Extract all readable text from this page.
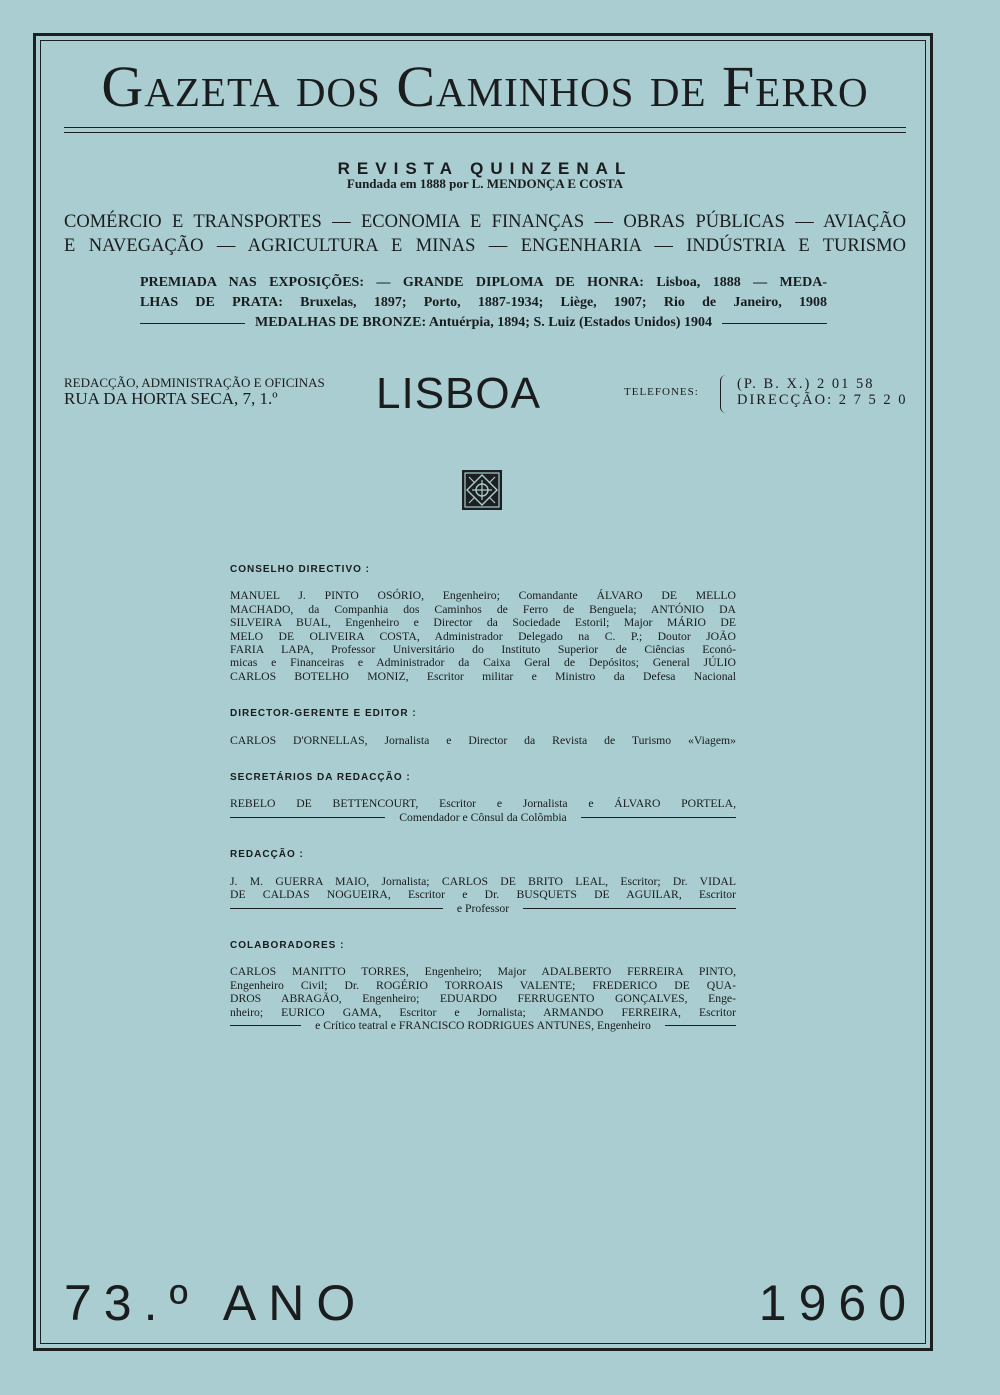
Gazeta dos Caminhos de Ferro
REVISTA QUINZENAL
Fundada em 1888 por L. MENDONÇA E COSTA
COMÉRCIO E TRANSPORTES — ECONOMIA E FINANÇAS — OBRAS PÚBLICAS — AVIAÇÃO
E NAVEGAÇÃO — AGRICULTURA E MINAS — ENGENHARIA — INDÚSTRIA E TURISMO
PREMIADA NAS EXPOSIÇÕES: — GRANDE DIPLOMA DE HONRA: Lisboa, 1888 — MEDA-
LHAS DE PRATA: Bruxelas, 1897; Porto, 1887-1934; Liège, 1907; Rio de Janeiro, 1908
MEDALHAS DE BRONZE: Antuérpia, 1894; S. Luiz (Estados Unidos) 1904
REDACÇÃO, ADMINISTRAÇÃO E OFICINAS
RUA DA HORTA SECA, 7, 1.º	LISBOA	TELEFONES:	(P. B. X.) 2 01 58
DIRECÇÃO: 2 7 5 2 0
CONSELHO DIRECTIVO :
MANUEL J. PINTO OSÓRIO, Engenheiro; Comandante ÁLVARO DE MELLO
MACHADO, da Companhia dos Caminhos de Ferro de Benguela; ANTÓNIO DA
SILVEIRA BUAL, Engenheiro e Director da Sociedade Estoril; Major MÁRIO DE
MELO DE OLIVEIRA COSTA, Administrador Delegado na C. P.; Doutor JOÃO
FARIA LAPA, Professor Universitário do Instituto Superior de Ciências Econó-
micas e Financeiras e Administrador da Caixa Geral de Depósitos; General JÚLIO
CARLOS BOTELHO MONIZ, Escritor militar e Ministro da Defesa Nacional
DIRECTOR-GERENTE E EDITOR :
CARLOS D'ORNELLAS, Jornalista e Director da Revista de Turismo «Viagem»
SECRETÁRIOS DA REDACÇÃO :
REBELO DE BETTENCOURT, Escritor e Jornalista e ÁLVARO PORTELA,
Comendador e Cônsul da Colômbia
REDACÇÃO :
J. M. GUERRA MAIO, Jornalista; CARLOS DE BRITO LEAL, Escritor; Dr. VIDAL
DE CALDAS NOGUEIRA, Escritor e Dr. BUSQUETS DE AGUILAR, Escritor
e Professor
COLABORADORES :
CARLOS MANITTO TORRES, Engenheiro; Major ADALBERTO FERREIRA PINTO,
Engenheiro Civil; Dr. ROGÉRIO TORROAIS VALENTE; FREDERICO DE QUA-
DROS ABRAGÃO, Engenheiro; EDUARDO FERRUGENTO GONÇALVES, Enge-
nheiro; EURICO GAMA, Escritor e Jornalista; ARMANDO FERREIRA, Escritor
e Crítico teatral e FRANCISCO RODRIGUES ANTUNES, Engenheiro
73.º ANO	1960
